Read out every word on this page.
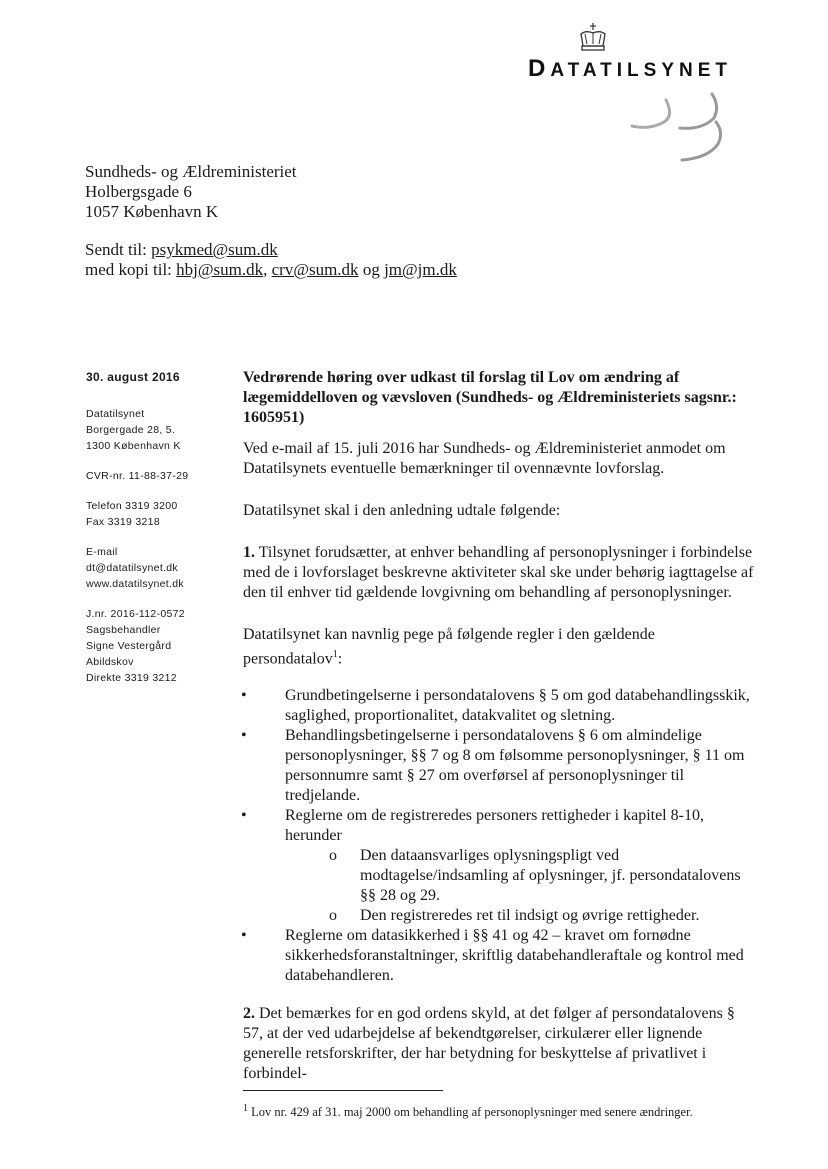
DATATILSYNET
Sundheds- og Ældreministeriet
Holbergsgade 6
1057 København K
Sendt til: psykmed@sum.dk
med kopi til: hbj@sum.dk, crv@sum.dk og jm@jm.dk
30. august 2016
Datatilsynet
Borgergade 28, 5.
1300 København K
CVR-nr. 11-88-37-29
Telefon 3319 3200
Fax 3319 3218
E-mail
dt@datatilsynet.dk
www.datatilsynet.dk
J.nr. 2016-112-0572
Sagsbehandler
Signe Vestergård
Abildskov
Direkte 3319 3212

Vedrørende høring over udkast til forslag til Lov om ændring af lægemiddelloven og vævsloven (Sundheds- og Ældreministeriets sagsnr.: 1605951)

Ved e-mail af 15. juli 2016 har Sundheds- og Ældreministeriet anmodet om Datatilsynets eventuelle bemærkninger til ovennævnte lovforslag.

Datatilsynet skal i den anledning udtale følgende:

1. Tilsynet forudsætter, at enhver behandling af personoplysninger i forbindelse med de i lovforslaget beskrevne aktiviteter skal ske under behørig iagttagelse af den til enhver tid gældende lovgivning om behandling af personoplysninger.

Datatilsynet kan navnlig pege på følgende regler i den gældende persondatalov$^1$:

• Grundbetingelserne i persondatalovens § 5 om god databehandlingsskik, saglighed, proportionalitet, datakvalitet og sletning.
• Behandlingsbetingelserne i persondatalovens § 6 om almindelige personoplysninger, §§ 7 og 8 om følsomme personoplysninger, § 11 om personnumre samt § 27 om overførsel af personoplysninger til tredjelande.
• Reglerne om de registreredes personers rettigheder i kapitel 8-10, herunder
o Den dataansvarliges oplysningspligt ved modtagelse/indsamling af oplysninger, jf. persondatalovens §§ 28 og 29.
o Den registreredes ret til indsigt og øvrige rettigheder.
• Reglerne om datasikkerhed i §§ 41 og 42 – kravet om fornødne sikkerhedsforanstaltninger, skriftlig databehandleraftale og kontrol med databehandleren.

2. Det bemærkes for en god ordens skyld, at det følger af persondatalovens § 57, at der ved udarbejdelse af bekendtgørelser, cirkulærer eller lignende generelle retsforskrifter, der har betydning for beskyttelse af privatlivet i forbindel-

$^1$ Lov nr. 429 af 31. maj 2000 om behandling af personoplysninger med senere ændringer.
